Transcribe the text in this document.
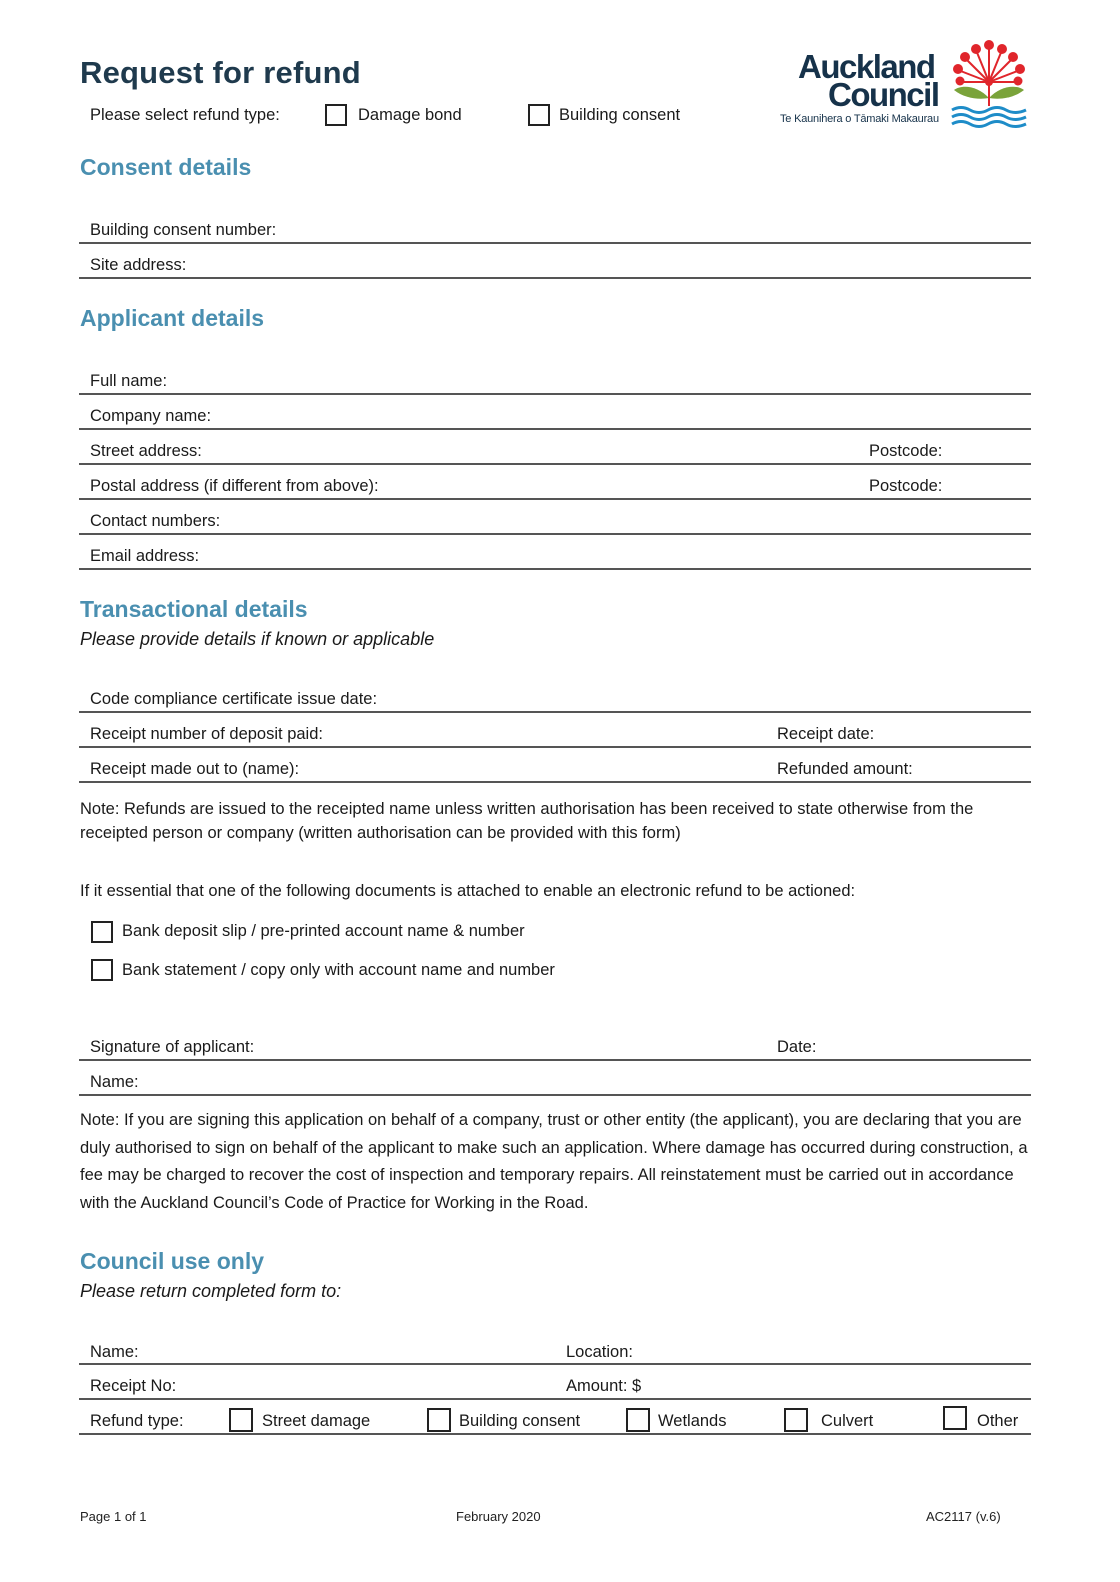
Request for refund
Please select refund type:	Damage bond	Building consent
Auckland
Council
Te Kaunihera o Tāmaki Makaurau
Consent details
Building consent number:
Site address:
Applicant details
Full name:
Company name:
Street address:	Postcode:
Postal address (if different from above):	Postcode:
Contact numbers:
Email address:
Transactional details
Please provide details if known or applicable
Code compliance certificate issue date:
Receipt number of deposit paid:	Receipt date:
Receipt made out to (name):	Refunded amount:
Note: Refunds are issued to the receipted name unless written authorisation has been received to state otherwise from the receipted person or company (written authorisation can be provided with this form)
If it essential that one of the following documents is attached to enable an electronic refund to be actioned:
Bank deposit slip / pre-printed account name & number
Bank statement / copy only with account name and number
Signature of applicant:	Date:
Name:
Note: If you are signing this application on behalf of a company, trust or other entity (the applicant), you are declaring that you are duly authorised to sign on behalf of the applicant to make such an application. Where damage has occurred during construction, a fee may be charged to recover the cost of inspection and temporary repairs. All reinstatement must be carried out in accordance with the Auckland Council’s Code of Practice for Working in the Road.
Council use only
Please return completed form to:
Name:	Location:
Receipt No:	Amount: $
Refund type:	Street damage	Building consent	Wetlands	Culvert	Other
Page 1 of 1	February 2020	AC2117 (v.6)
